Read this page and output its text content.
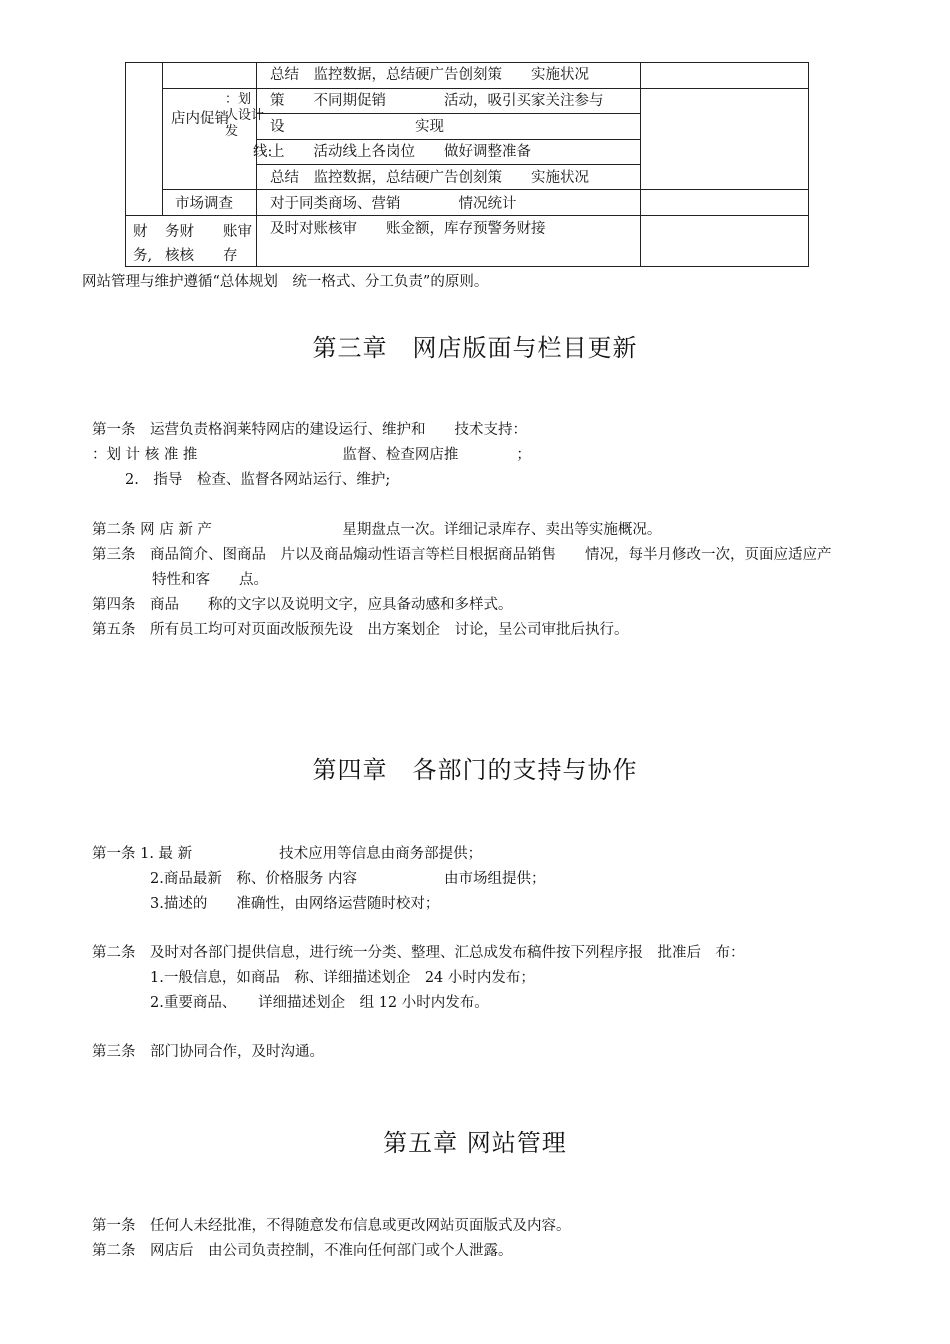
总结　监控数据，总结硬广告创刻策　　实施状况
店内促销
：划 人设计 发
策　　不同期促销　　　　活动，吸引买家关注参与
设　　　　　　　　　实现
线:
上　　活动线上各岗位　　做好调整准备
总结　监控数据，总结硬广告创刻策　　实施状况
市场调查	对于同类商场、营销　　　　情况统计
财　务,
务财　　账审 核核　　存
及时对账核审　　账金额，库存预警务财接
网站管理与维护遵循“总体规划　统一格式、分工负责”的原则。
第三章　网店版面与栏目更新
第一条　运营负责格润莱特网店的建设运行、维护和　　技术支持：
：划 计 核 准 推　　　　　　　　　　监督、检查网店推　　　　；
2.　指导　检查、监督各网站运行、维护;
第二条 网 店 新 产　　　　　　　　　星期盘点一次。详细记录库存、卖出等实施概况。
第三条　商品简介、图商品　片以及商品煽动性语言等栏目根据商品销售　　情况，每半月修改一次，页面应适应产
特性和客　　点。
第四条　商品　　称的文字以及说明文字，应具备动感和多样式。
第五条　所有员工均可对页面改版预先设　出方案划企　讨论，呈公司审批后执行。
第四章　各部门的支持与协作
第一条 1. 最 新　　　　　　技术应用等信息由商务部提供；
2.商品最新　称、价格服务 内容　　　　　　由市场组提供；
3.描述的　　准确性，由网络运营随时校对；
第二条　及时对各部门提供信息，进行统一分类、整理、汇总成发布稿件按下列程序报　批准后　布：
1.一般信息，如商品　称、详细描述划企　24 小时内发布；
2.重要商品、　　详细描述划企　组 12 小时内发布。
第三条　部门协同合作，及时沟通。
第五章 网站管理
第一条　任何人未经批准，不得随意发布信息或更改网站页面版式及内容。
第二条　网店后　由公司负责控制，不准向任何部门或个人泄露。
